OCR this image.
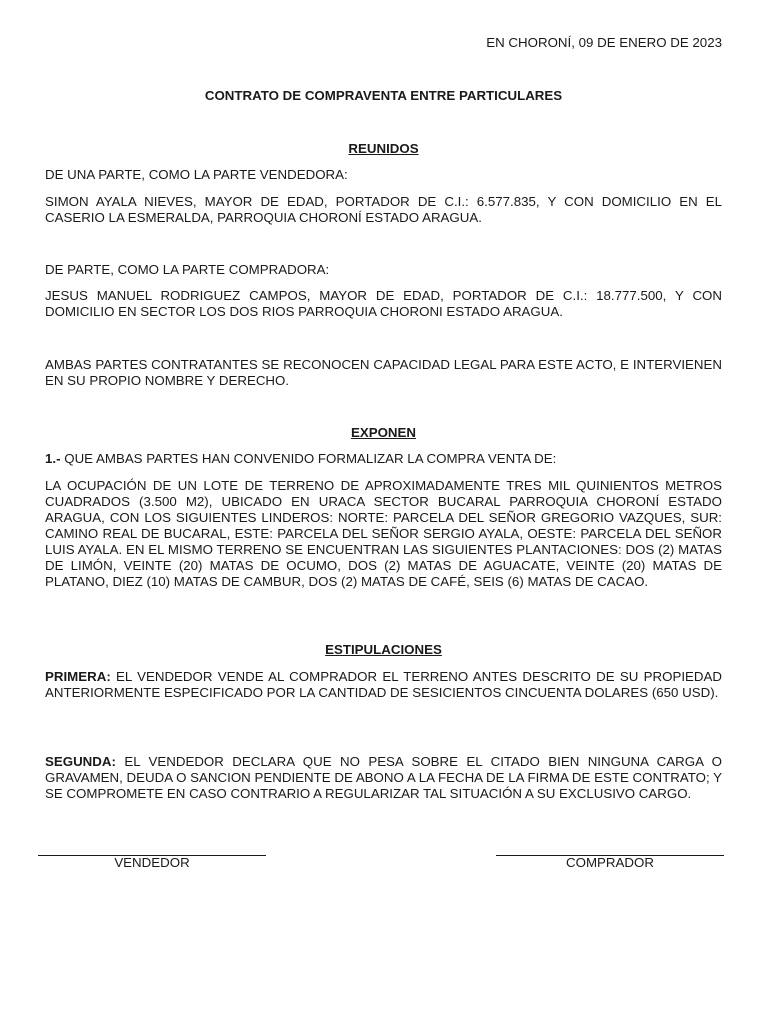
EN CHORONÍ, 09 DE ENERO DE 2023

CONTRATO DE COMPRAVENTA ENTRE PARTICULARES

REUNIDOS

DE UNA PARTE, COMO LA PARTE VENDEDORA:

SIMON AYALA NIEVES, MAYOR DE EDAD, PORTADOR DE C.I.: 6.577.835, Y CON DOMICILIO EN EL CASERIO LA ESMERALDA, PARROQUIA CHORONÍ ESTADO ARAGUA.

DE PARTE, COMO LA PARTE COMPRADORA:

JESUS MANUEL RODRIGUEZ CAMPOS, MAYOR DE EDAD, PORTADOR DE C.I.: 18.777.500, Y CON DOMICILIO EN SECTOR LOS DOS RIOS PARROQUIA CHORONI ESTADO ARAGUA.

AMBAS PARTES CONTRATANTES SE RECONOCEN CAPACIDAD LEGAL PARA ESTE ACTO, E INTERVIENEN EN SU PROPIO NOMBRE Y DERECHO.

EXPONEN

1.- QUE AMBAS PARTES HAN CONVENIDO FORMALIZAR LA COMPRA VENTA DE:

LA OCUPACIÓN DE UN LOTE DE TERRENO DE APROXIMADAMENTE TRES MIL QUINIENTOS METROS CUADRADOS (3.500 M2), UBICADO EN URACA SECTOR BUCARAL PARROQUIA CHORONÍ ESTADO ARAGUA, CON LOS SIGUIENTES LINDEROS: NORTE: PARCELA DEL SEÑOR GREGORIO VAZQUES, SUR: CAMINO REAL DE BUCARAL, ESTE: PARCELA DEL SEÑOR SERGIO AYALA, OESTE: PARCELA DEL SEÑOR LUIS AYALA. EN EL MISMO TERRENO SE ENCUENTRAN LAS SIGUIENTES PLANTACIONES: DOS (2) MATAS DE LIMÓN, VEINTE (20) MATAS DE OCUMO, DOS (2) MATAS DE AGUACATE, VEINTE (20) MATAS DE PLATANO, DIEZ (10) MATAS DE CAMBUR, DOS (2) MATAS DE CAFÉ, SEIS (6) MATAS DE CACAO.

ESTIPULACIONES

PRIMERA: EL VENDEDOR VENDE AL COMPRADOR EL TERRENO ANTES DESCRITO DE SU PROPIEDAD ANTERIORMENTE ESPECIFICADO POR LA CANTIDAD DE SESICIENTOS CINCUENTA DOLARES (650 USD).

SEGUNDA: EL VENDEDOR DECLARA QUE NO PESA SOBRE EL CITADO BIEN NINGUNA CARGA O GRAVAMEN, DEUDA O SANCION PENDIENTE DE ABONO A LA FECHA DE LA FIRMA DE ESTE CONTRATO; Y SE COMPROMETE EN CASO CONTRARIO A REGULARIZAR TAL SITUACIÓN A SU EXCLUSIVO CARGO.

VENDEDOR	COMPRADOR
